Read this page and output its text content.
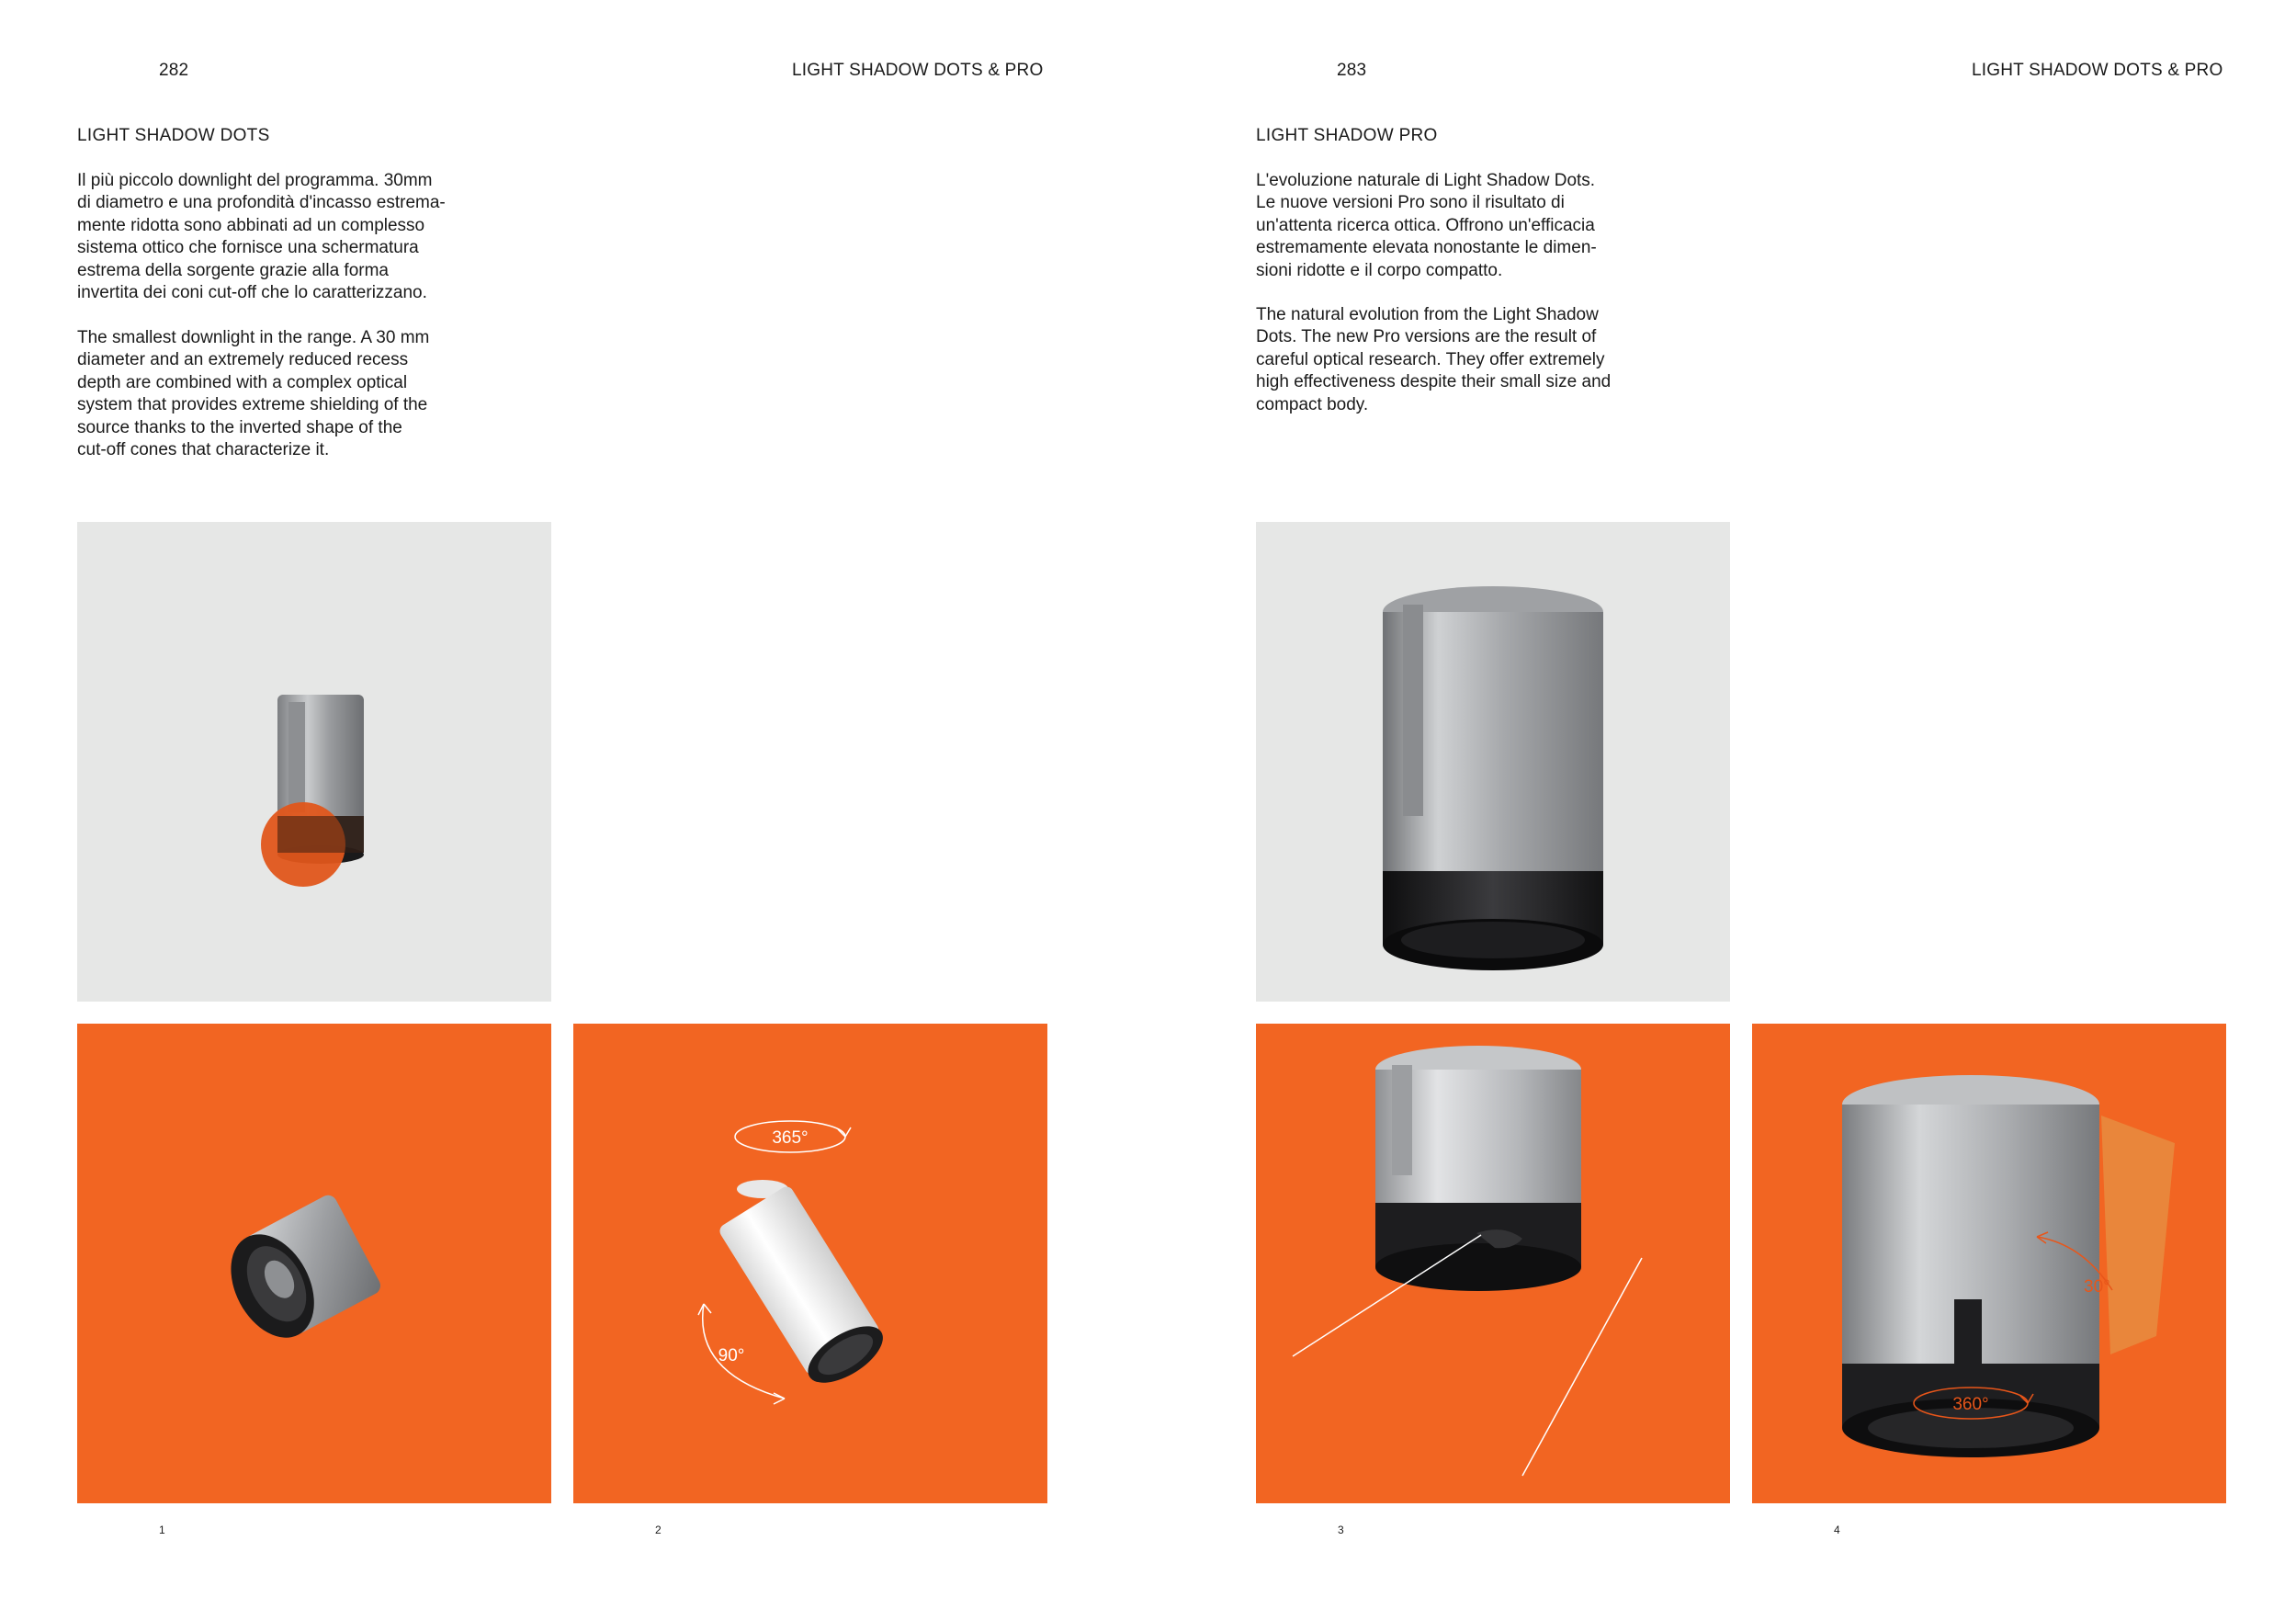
282	LIGHT SHADOW DOTS & PRO	283	LIGHT SHADOW DOTS & PRO
LIGHT SHADOW DOTS
Il più piccolo downlight del programma. 30mm
di diametro e una profondità d'incasso estrema-
mente ridotta sono abbinati ad un complesso
sistema ottico che fornisce una schermatura
estrema della sorgente grazie alla forma
invertita dei coni cut-off che lo caratterizzano.
The smallest downlight in the range. A 30 mm
diameter and an extremely reduced recess
depth are combined with a complex optical
system that provides extreme shielding of the
source thanks to the inverted shape of the
cut-off cones that characterize it.
LIGHT SHADOW PRO
L'evoluzione naturale di Light Shadow Dots.
Le nuove versioni Pro sono il risultato di
un'attenta ricerca ottica. Offrono un'efficacia
estremamente elevata nonostante le dimen-
sioni ridotte e il corpo compatto.
The natural evolution from the Light Shadow
Dots. The new Pro versions are the result of
careful optical research. They offer extremely
high effectiveness despite their small size and
compact body.
365°
90°
30°
360°
1	2	3	4
